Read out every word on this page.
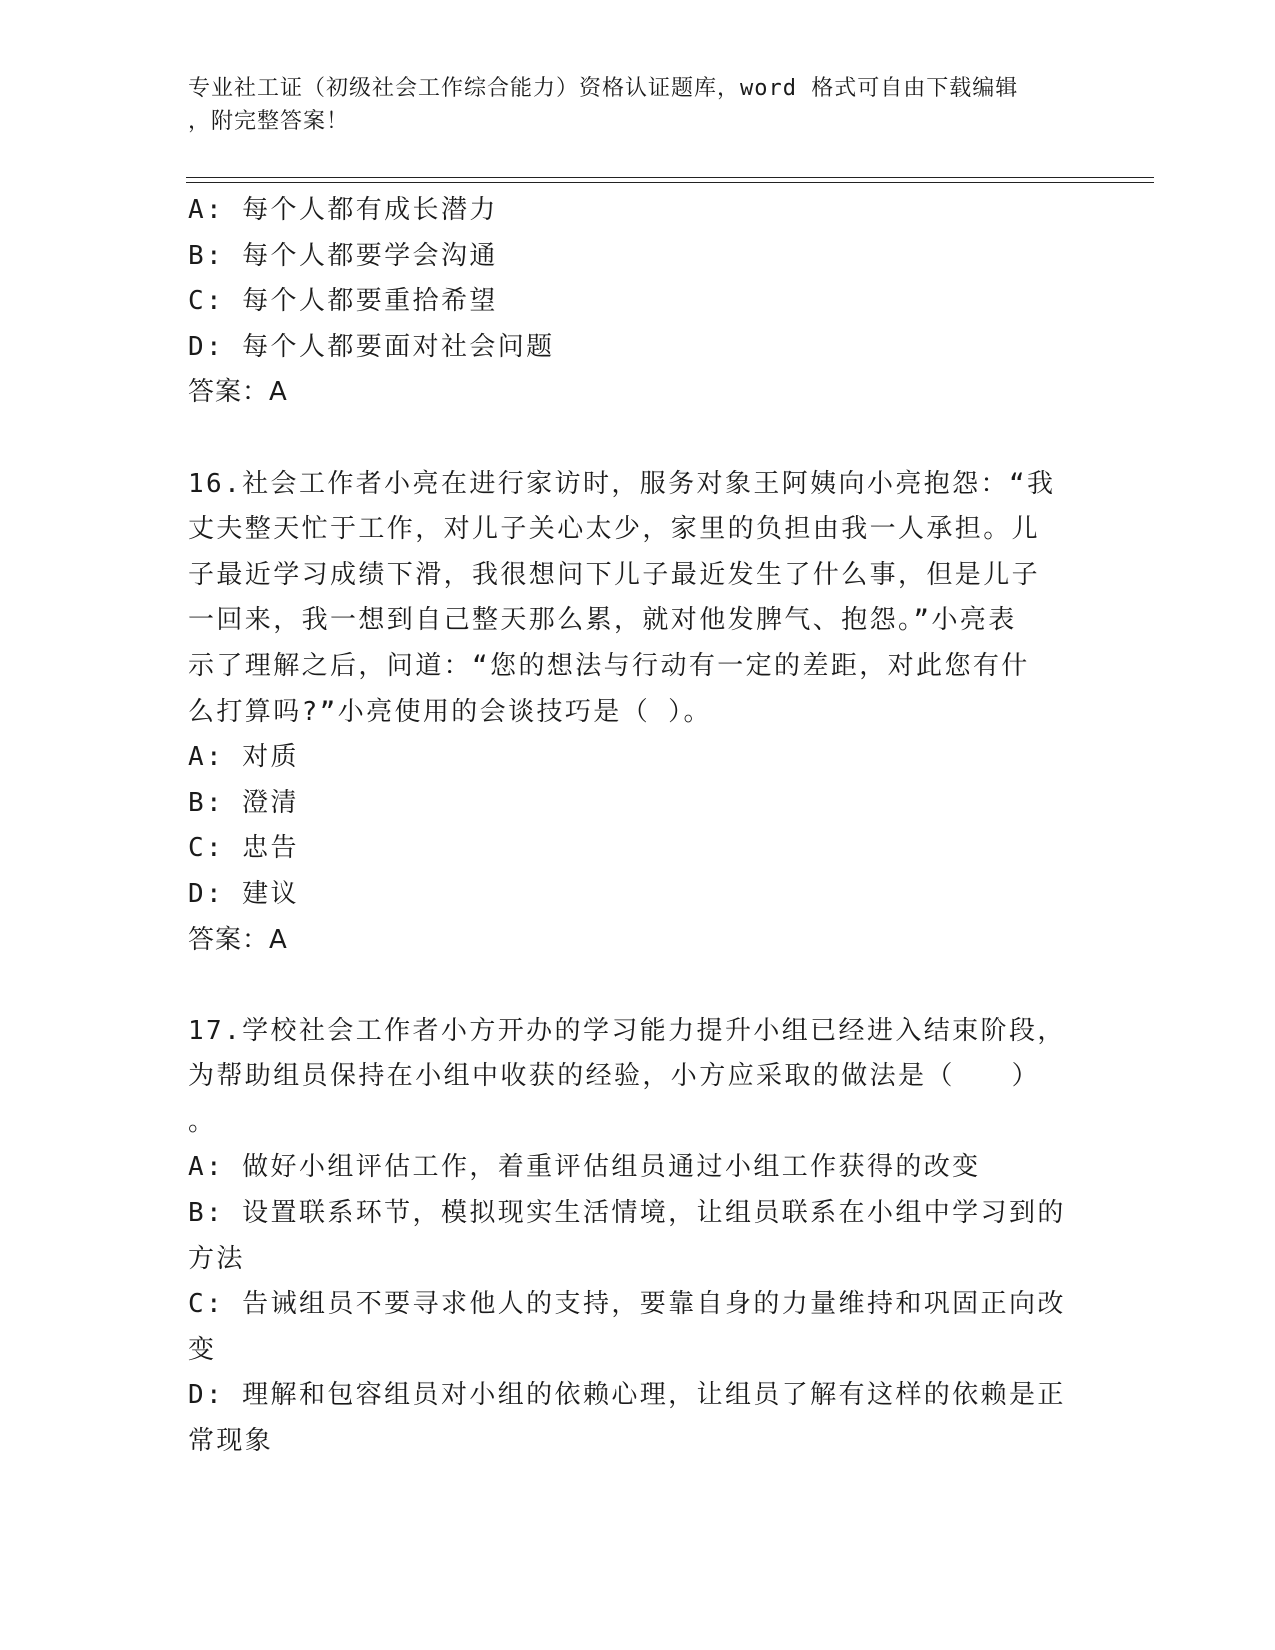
专业社工证（初级社会工作综合能力）资格认证题库，word 格式可自由下载编辑
，附完整答案！
A: 每个人都有成长潜力
B: 每个人都要学会沟通
C: 每个人都要重拾希望
D: 每个人都要面对社会问题
答案：A
16.社会工作者小亮在进行家访时，服务对象王阿姨向小亮抱怨：“我
丈夫整天忙于工作，对儿子关心太少，家里的负担由我一人承担。儿
子最近学习成绩下滑，我很想问下儿子最近发生了什么事，但是儿子
一回来，我一想到自己整天那么累，就对他发脾气、抱怨。”小亮表
示了理解之后，问道：“您的想法与行动有一定的差距，对此您有什
么打算吗?”小亮使用的会谈技巧是（ ）。
A: 对质
B: 澄清
C: 忠告
D: 建议
答案：A
17.学校社会工作者小方开办的学习能力提升小组已经进入结束阶段，
为帮助组员保持在小组中收获的经验，小方应采取的做法是（　　）
。
A: 做好小组评估工作，着重评估组员通过小组工作获得的改变
B: 设置联系环节，模拟现实生活情境，让组员联系在小组中学习到的
方法
C: 告诫组员不要寻求他人的支持，要靠自身的力量维持和巩固正向改
变
D: 理解和包容组员对小组的依赖心理，让组员了解有这样的依赖是正
常现象
